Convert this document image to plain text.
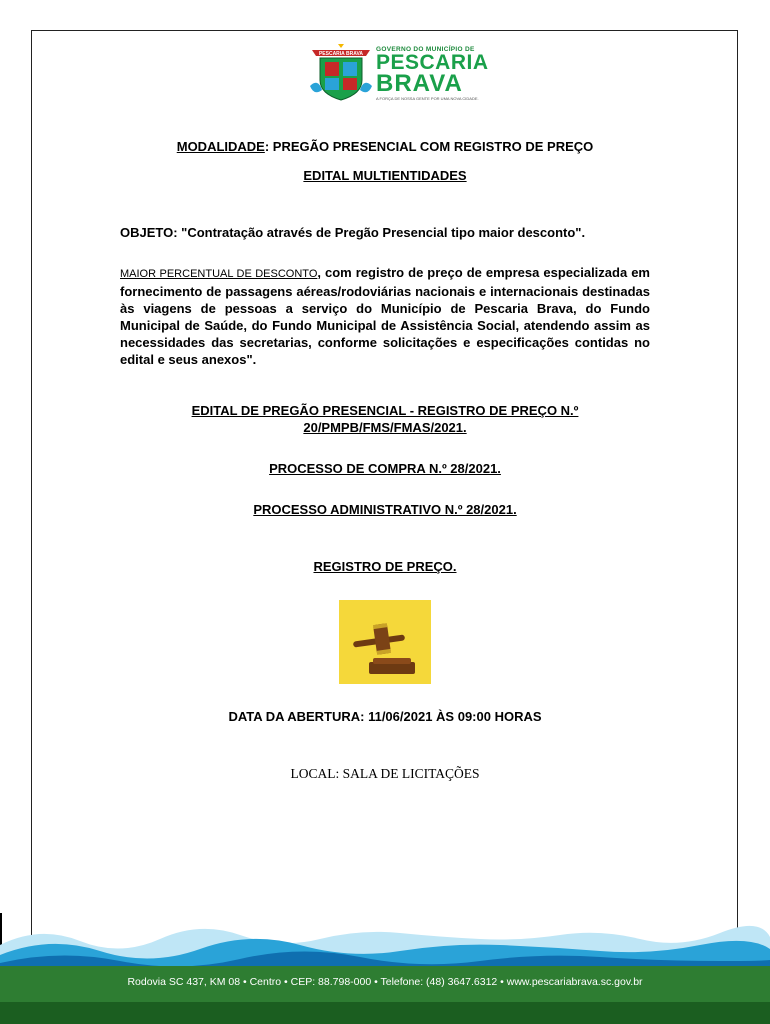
PESCARIA BRAVA
GOVERNO DO MUNICÍPIO DE
PESCARIA
BRAVA
A FORÇA DE NOSSA GENTE POR UMA NOVA CIDADE.
MODALIDADE: PREGÃO PRESENCIAL COM REGISTRO DE PREÇO
EDITAL MULTIENTIDADES
OBJETO: "Contratação através de Pregão Presencial tipo maior desconto".
MAIOR PERCENTUAL DE DESCONTO, com registro de preço de empresa especializada em fornecimento de passagens aéreas/rodoviárias nacionais e internacionais destinadas às viagens de pessoas a serviço do Município de Pescaria Brava, do Fundo Municipal de Saúde, do Fundo Municipal de Assistência Social, atendendo assim as necessidades das secretarias, conforme solicitações e especificações contidas no edital e seus anexos".
EDITAL DE PREGÃO PRESENCIAL - REGISTRO DE PREÇO N.º
20/PMPB/FMS/FMAS/2021.
PROCESSO DE COMPRA N.º 28/2021.
PROCESSO ADMINISTRATIVO N.º 28/2021.
REGISTRO DE PREÇO.
DATA DA ABERTURA: 11/06/2021 ÀS 09:00 HORAS
LOCAL: SALA DE LICITAÇÕES
Rodovia SC 437, KM 08 • Centro • CEP: 88.798-000 • Telefone: (48) 3647.6312 • www.pescariabrava.sc.gov.br
